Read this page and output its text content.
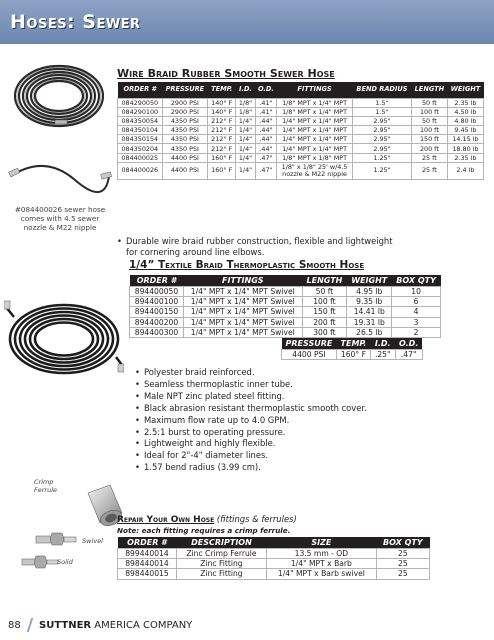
Hoses: Sewer
#084400026 sewer hose
comes with 4.5 sewer
nozzle & M22 nipple
Wire Braid Rubber Smooth Sewer Hose
ORDER #	PRESSURE	TEMP.	I.D.	O.D.	FITTINGS	BEND RADIUS	LENGTH	WEIGHT
084290050	2900 PSI	140° F	1/8"	.41"	1/8" MPT x 1/4" MPT	1.5"	50 ft	2.35 lb
084290100	2900 PSI	140° F	1/8"	.41"	1/8" MPT x 1/4" MPT	1.5"	100 ft	4.50 lb
084350054	4350 PSI	212° F	1/4"	.44"	1/4" MPT x 1/4" MPT	2.95"	50 ft	4.80 lb
084350104	4350 PSI	212° F	1/4"	.44"	1/4" MPT x 1/4" MPT	2.95"	100 ft	9.45 lb
084350154	4350 PSI	212° F	1/4"	.44"	1/4" MPT x 1/4" MPT	2.95"	150 ft	14.15 lb
084350204	4350 PSI	212° F	1/4"	.44"	1/4" MPT x 1/4" MPT	2.95"	200 ft	18.80 lb
084400025	4400 PSI	160° F	1/4"	.47"	1/8" MPT x 1/8" MPT	1.25"	25 ft	2.35 lb
084400026	4400 PSI	160° F	1/4"	.47"	1/8" x 1/8" 25' w/4.5
nozzle & M22 nipple	1.25"	25 ft	2.4 lb
• Durable wire braid rubber construction, flexible and lightweight
for cornering around line elbows.
1/4” Textile Braid Thermoplastic Smooth Hose
ORDER #	FITTINGS	LENGTH	WEIGHT	BOX QTY
894400050	1/4" MPT x 1/4" MPT Swivel	50 ft	4.95 lb	10
894400100	1/4" MPT x 1/4" MPT Swivel	100 ft	9.35 lb	6
894400150	1/4" MPT x 1/4" MPT Swivel	150 ft	14.41 lb	4
894400200	1/4" MPT x 1/4" MPT Swivel	200 ft	19.31 lb	3
894400300	1/4" MPT x 1/4" MPT Swivel	300 ft	26.5 lb	2
PRESSURE	TEMP.	I.D.	O.D.
4400 PSI	160° F	.25"	.47"
• Polyester braid reinforced.
• Seamless thermoplastic inner tube.
• Male NPT zinc plated steel fitting.
• Black abrasion resistant thermoplastic smooth cover.
• Maximum flow rate up to 4.0 GPM.
• 2.5:1 burst to operating pressure.
• Lightweight and highly flexible.
• Ideal for 2"-4" diameter lines.
• 1.57 bend radius (3.99 cm).
Crimp
Ferrule
Swivel
Solid
Repair Your Own Hose (fittings & ferrules)
Note: each fitting requires a crimp ferrule.
ORDER #	DESCRIPTION	SIZE	BOX QTY
899440014	Zinc Crimp Ferrule	13.5 mm - OD	25
898440014	Zinc Fitting	1/4" MPT x Barb	25
898440015	Zinc Fitting	1/4" MPT x Barb swivel	25
88 SUTTNER AMERICA COMPANY
